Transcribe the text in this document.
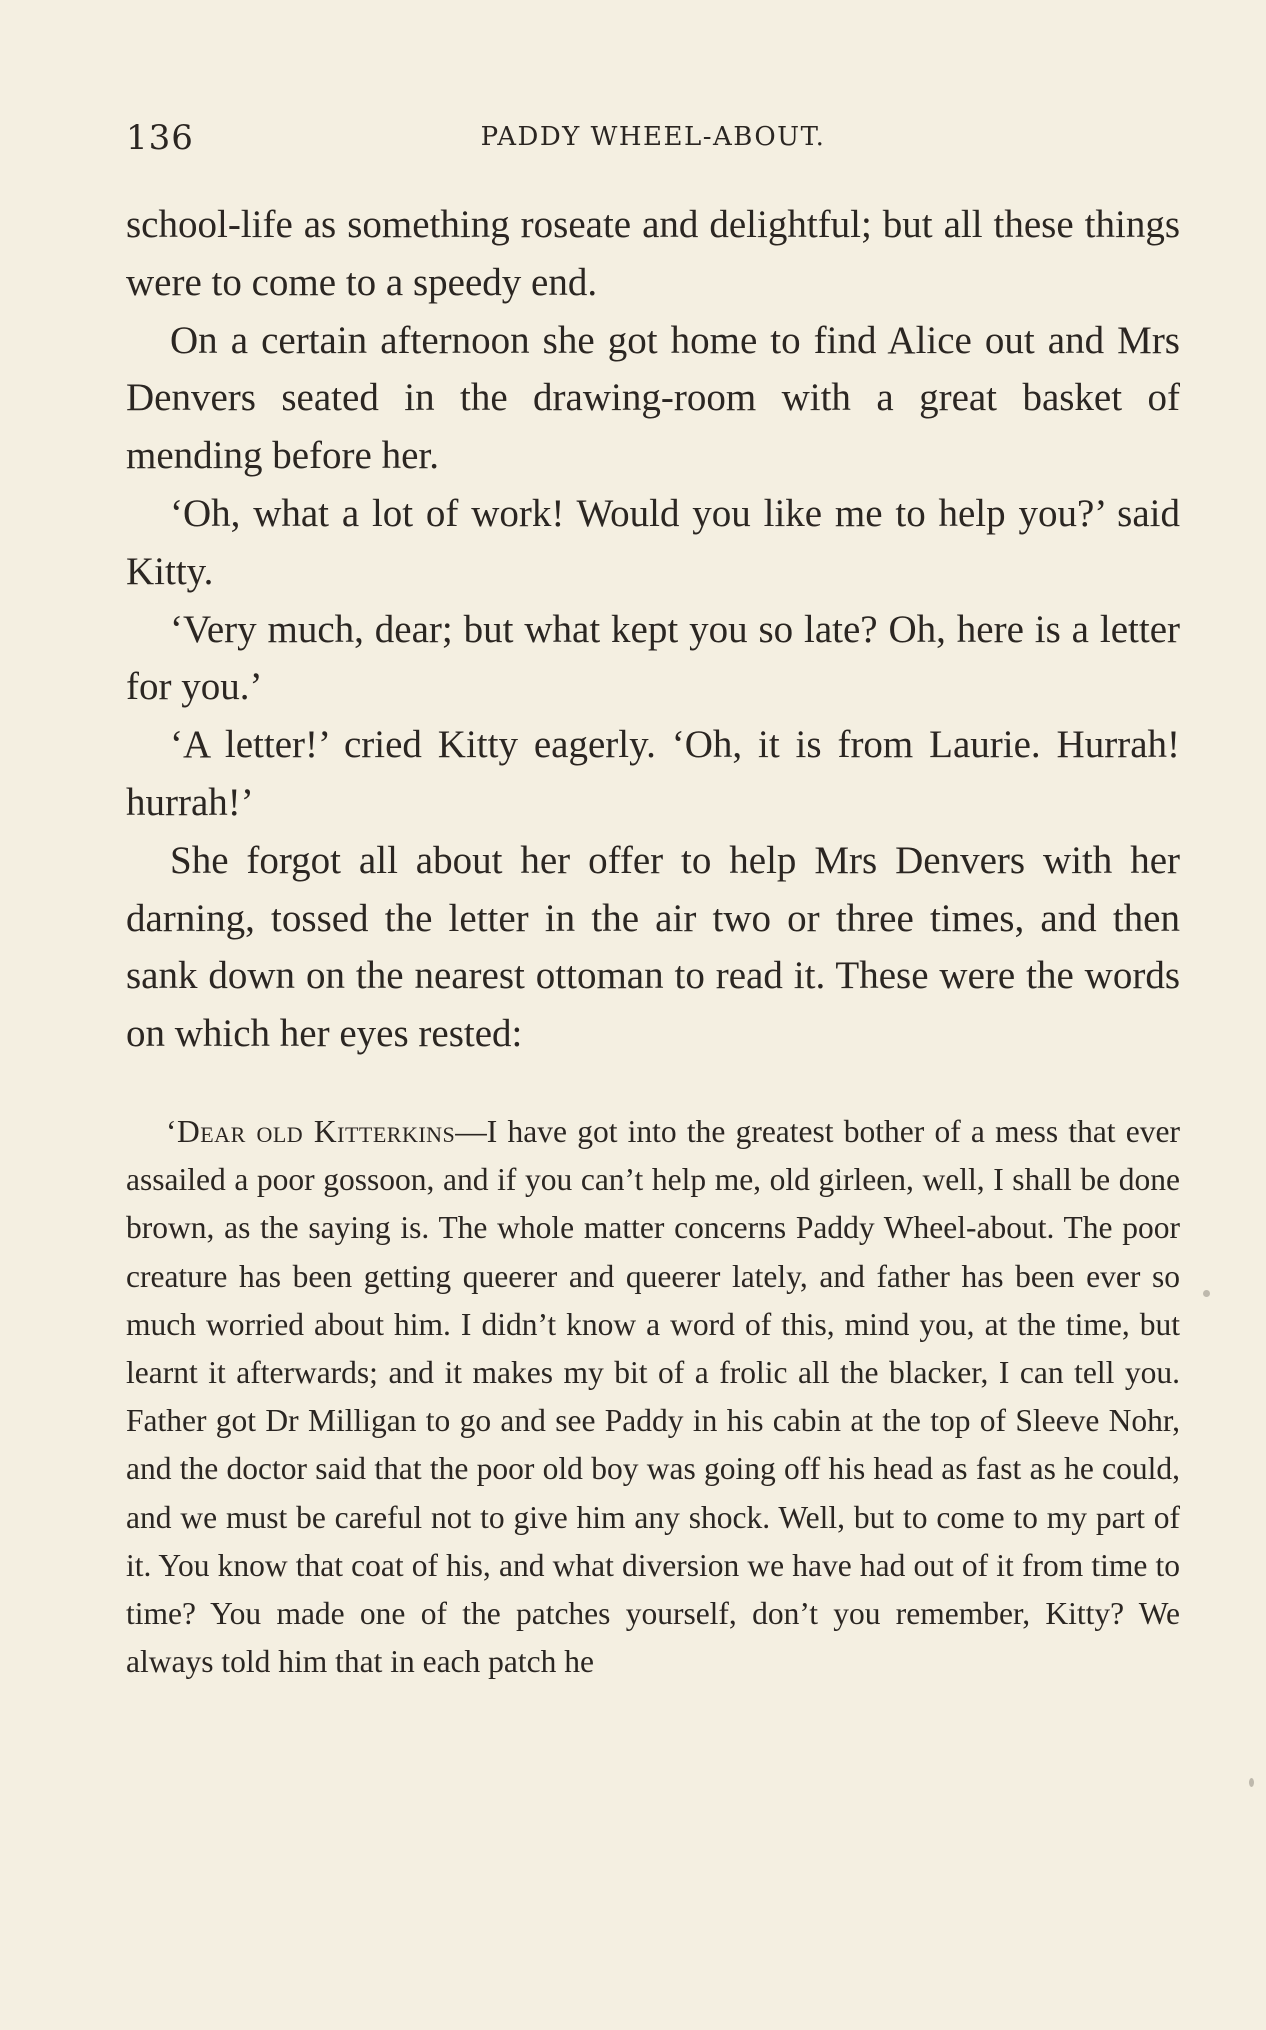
136	PADDY WHEEL-ABOUT.

school-life as something roseate and delightful; but all these things were to come to a speedy end.

On a certain afternoon she got home to find Alice out and Mrs Denvers seated in the drawing-room with a great basket of mending before her.

‘Oh, what a lot of work! Would you like me to help you?’ said Kitty.

‘Very much, dear; but what kept you so late? Oh, here is a letter for you.’

‘A letter!’ cried Kitty eagerly. ‘Oh, it is from Laurie. Hurrah! hurrah!’

She forgot all about her offer to help Mrs Denvers with her darning, tossed the letter in the air two or three times, and then sank down on the nearest ottoman to read it. These were the words on which her eyes rested:

‘Dear old Kitterkins—I have got into the greatest bother of a mess that ever assailed a poor gossoon, and if you can’t help me, old girleen, well, I shall be done brown, as the saying is. The whole matter concerns Paddy Wheel-about. The poor creature has been getting queerer and queerer lately, and father has been ever so much worried about him. I didn’t know a word of this, mind you, at the time, but learnt it afterwards; and it makes my bit of a frolic all the blacker, I can tell you. Father got Dr Milligan to go and see Paddy in his cabin at the top of Sleeve Nohr, and the doctor said that the poor old boy was going off his head as fast as he could, and we must be careful not to give him any shock. Well, but to come to my part of it. You know that coat of his, and what diversion we have had out of it from time to time? You made one of the patches yourself, don’t you remember, Kitty? We always told him that in each patch he
